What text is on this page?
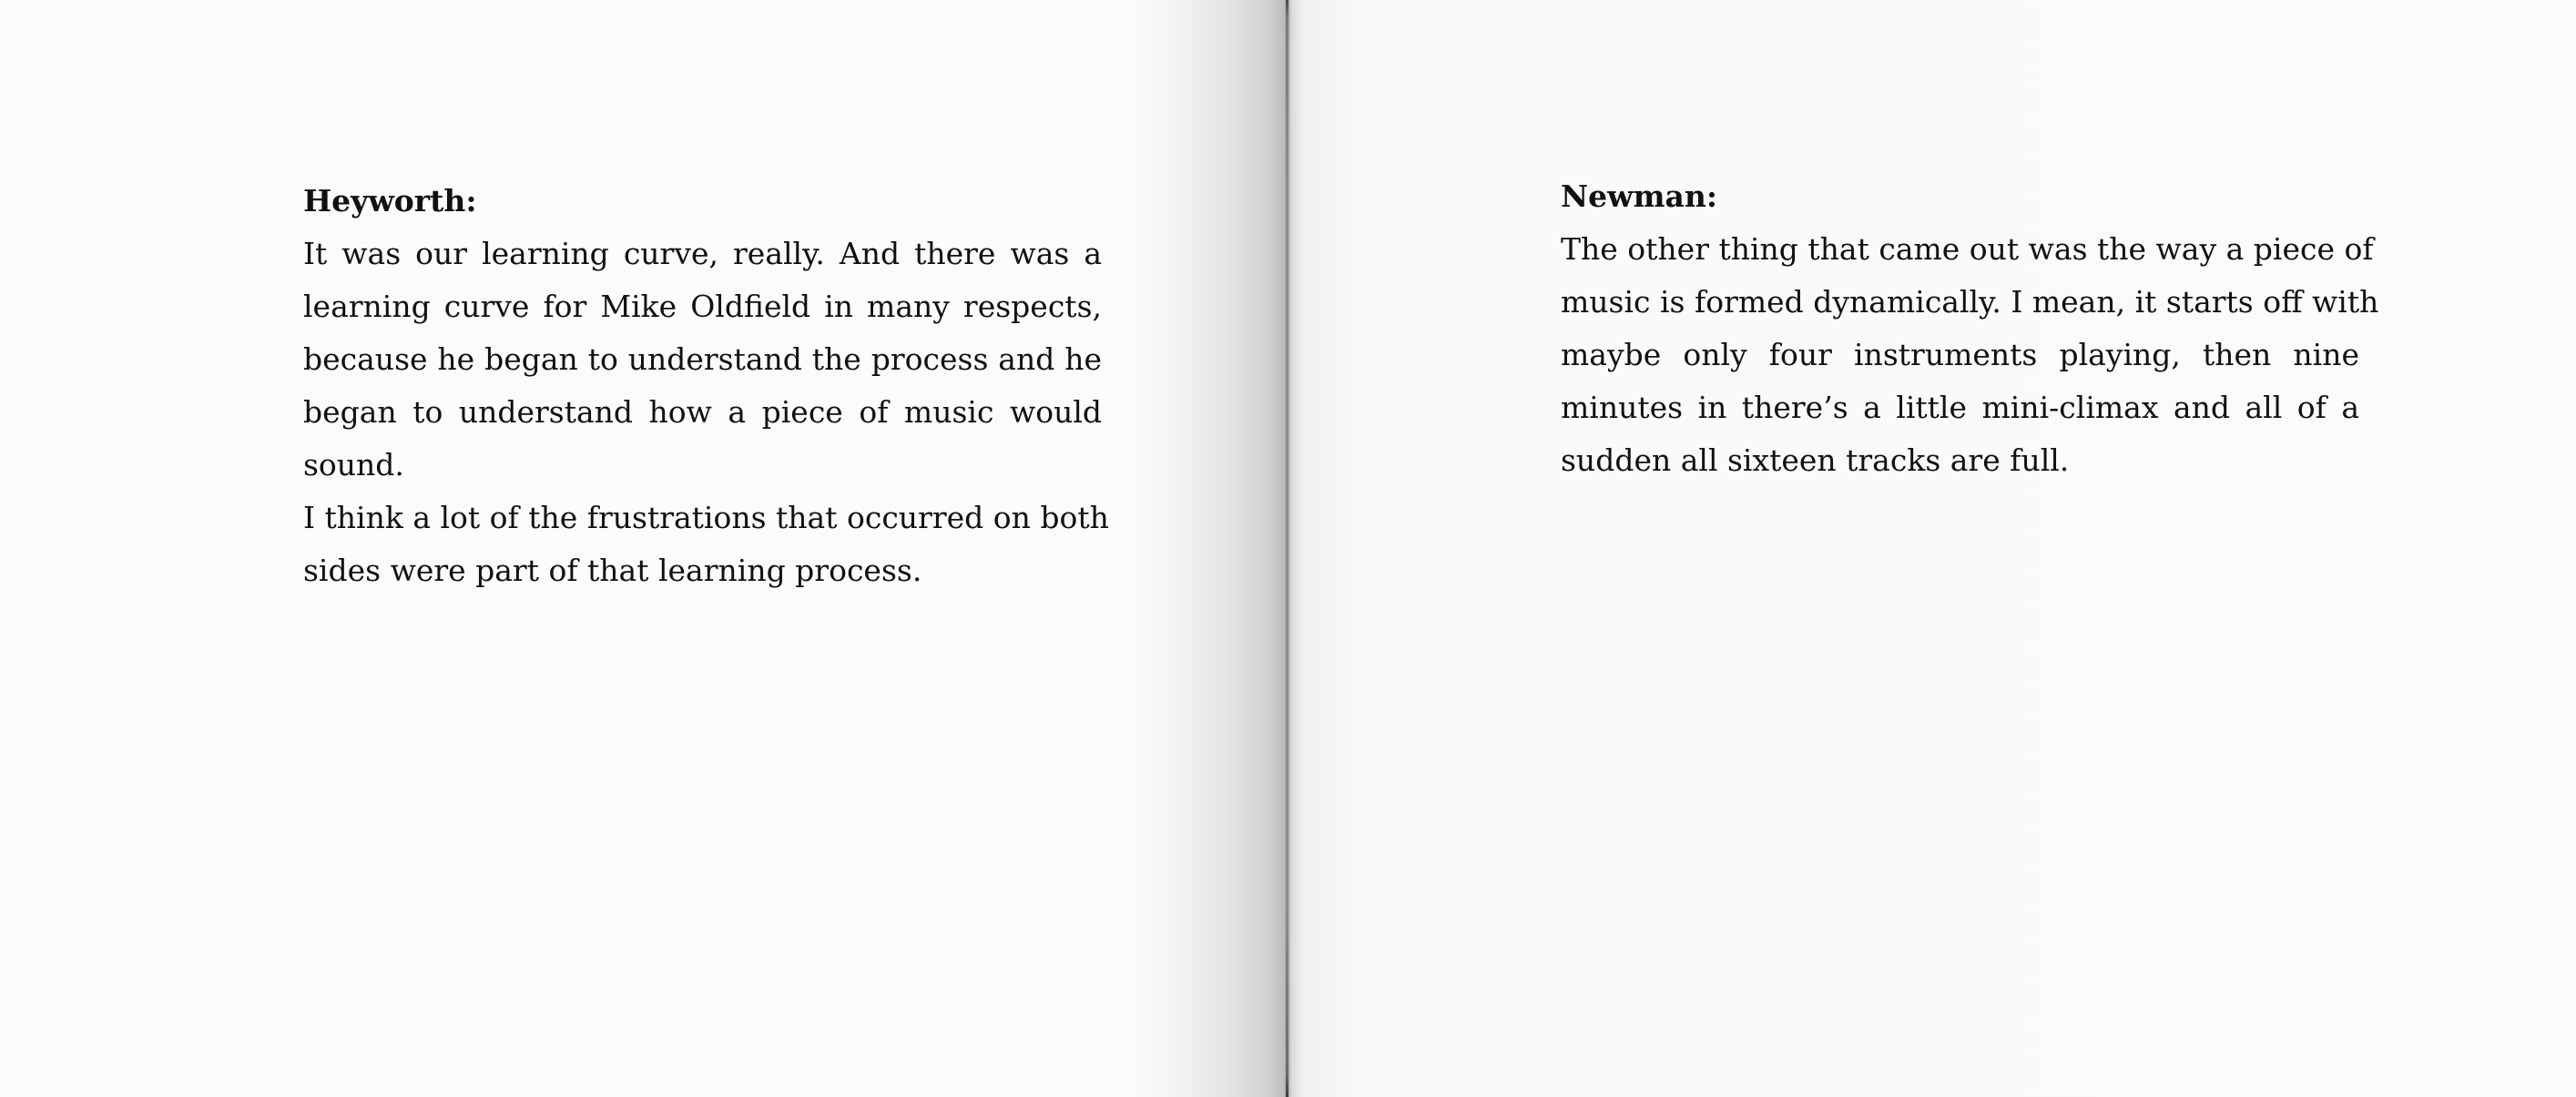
Heyworth:

It was our learning curve, really. And there was a

learning curve for Mike Oldfield in many respects,

because he began to understand the process and he

began to understand how a piece of music would

sound.

I think a lot of the frustrations that occurred on both

sides were part of that learning process.

Newman:

The other thing that came out was the way a piece of

music is formed dynamically. I mean, it starts off with

maybe only four instruments playing, then nine

minutes in there’s a little mini-climax and all of a

sudden all sixteen tracks are full.
